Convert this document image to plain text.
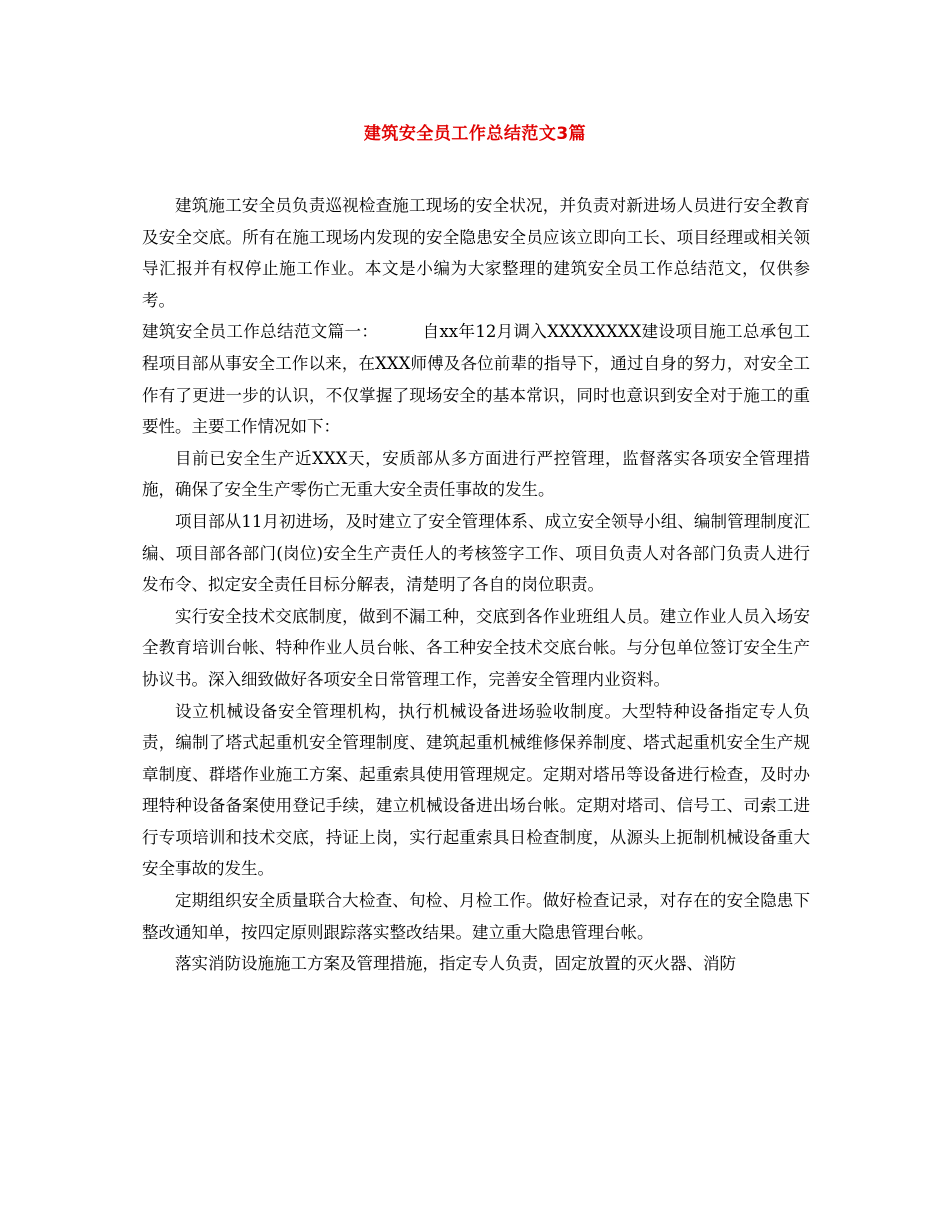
建筑安全员工作总结范文3篇

建筑施工安全员负责巡视检查施工现场的安全状况，并负责对新进场人员进行安全教育及安全交底。所有在施工现场内发现的安全隐患安全员应该立即向工长、项目经理或相关领导汇报并有权停止施工作业。本文是小编为大家整理的建筑安全员工作总结范文，仅供参考。

建筑安全员工作总结范文篇一：	自xx年12月调入XXXXXXXX建设项目施工总承包工程项目部从事安全工作以来，在XXX师傅及各位前辈的指导下，通过自身的努力，对安全工作有了更进一步的认识，不仅掌握了现场安全的基本常识，同时也意识到安全对于施工的重要性。主要工作情况如下：

目前已安全生产近XXX天，安质部从多方面进行严控管理，监督落实各项安全管理措施，确保了安全生产零伤亡无重大安全责任事故的发生。

项目部从11月初进场，及时建立了安全管理体系、成立安全领导小组、编制管理制度汇编、项目部各部门(岗位)安全生产责任人的考核签字工作、项目负责人对各部门负责人进行发布令、拟定安全责任目标分解表，清楚明了各自的岗位职责。

实行安全技术交底制度，做到不漏工种，交底到各作业班组人员。建立作业人员入场安全教育培训台帐、特种作业人员台帐、各工种安全技术交底台帐。与分包单位签订安全生产协议书。深入细致做好各项安全日常管理工作，完善安全管理内业资料。

设立机械设备安全管理机构，执行机械设备进场验收制度。大型特种设备指定专人负责，编制了塔式起重机安全管理制度、建筑起重机械维修保养制度、塔式起重机安全生产规章制度、群塔作业施工方案、起重索具使用管理规定。定期对塔吊等设备进行检查，及时办理特种设备备案使用登记手续，建立机械设备进出场台帐。定期对塔司、信号工、司索工进行专项培训和技术交底，持证上岗，实行起重索具日检查制度，从源头上扼制机械设备重大安全事故的发生。

定期组织安全质量联合大检查、旬检、月检工作。做好检查记录，对存在的安全隐患下整改通知单，按四定原则跟踪落实整改结果。建立重大隐患管理台帐。

落实消防设施施工方案及管理措施，指定专人负责，固定放置的灭火器、消防
